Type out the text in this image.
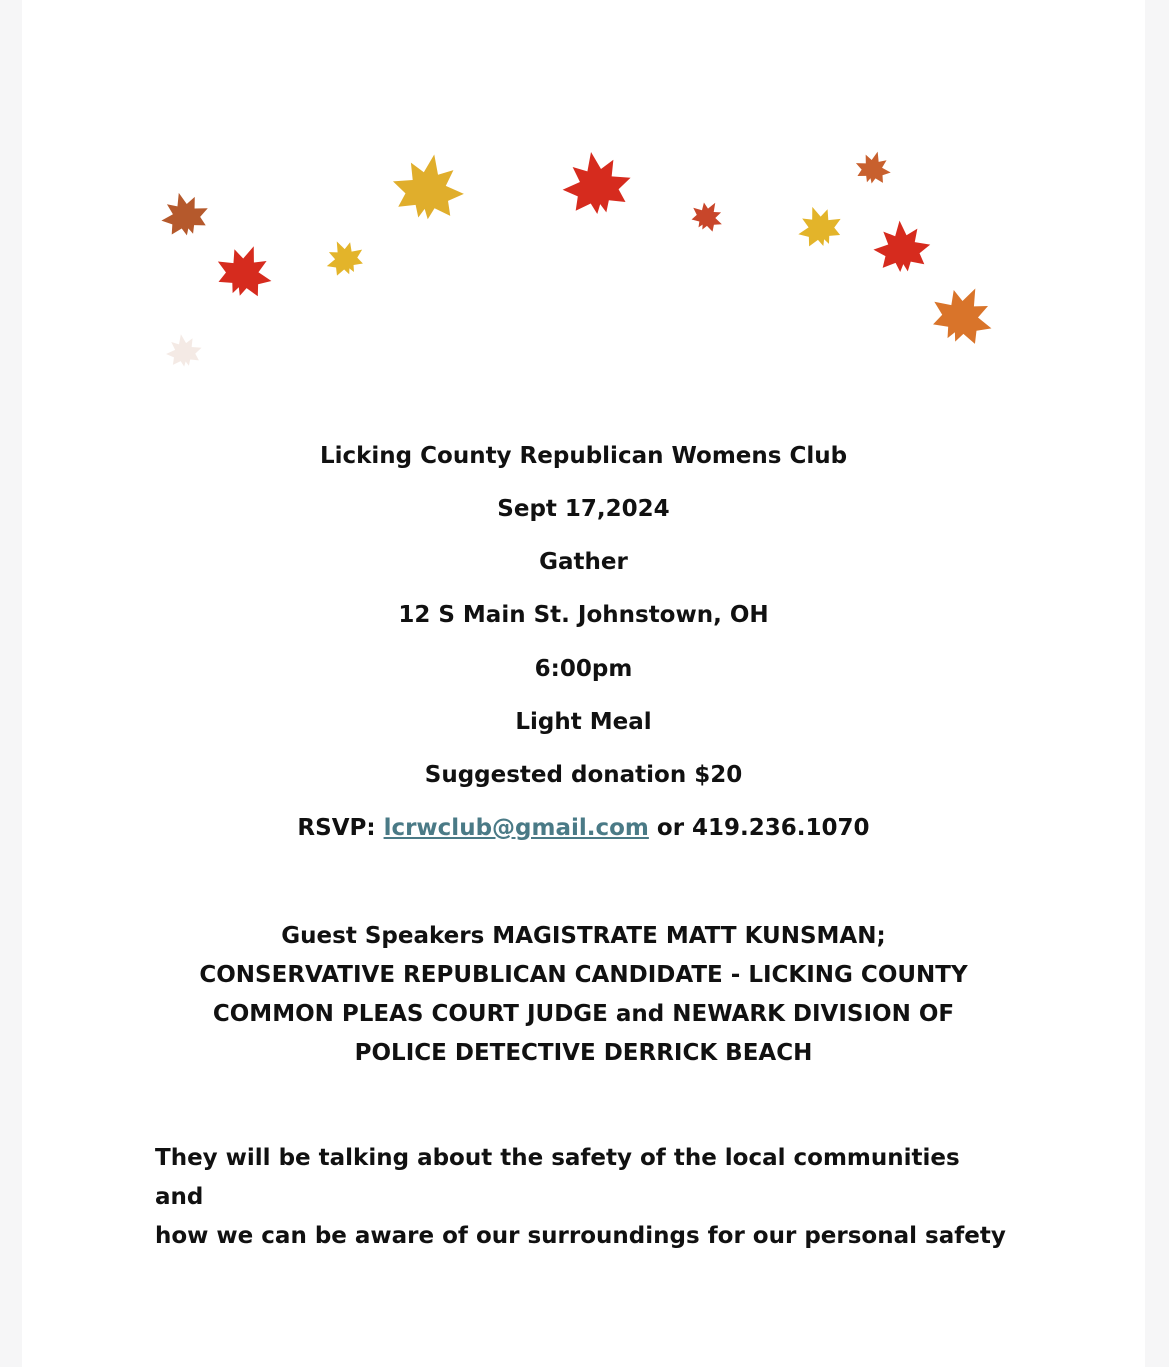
Licking County Republican Womens Club
Sept 17,2024
Gather
12 S Main St. Johnstown, OH
6:00pm
Light Meal
Suggested donation $20
RSVP: lcrwclub@gmail.com or 419.236.1070
Guest Speakers MAGISTRATE MATT KUNSMAN;
CONSERVATIVE REPUBLICAN CANDIDATE - LICKING COUNTY
COMMON PLEAS COURT JUDGE and NEWARK DIVISION OF
POLICE DETECTIVE DERRICK BEACH
They will be talking about the safety of the local communities and
how we can be aware of our surroundings for our personal safety
